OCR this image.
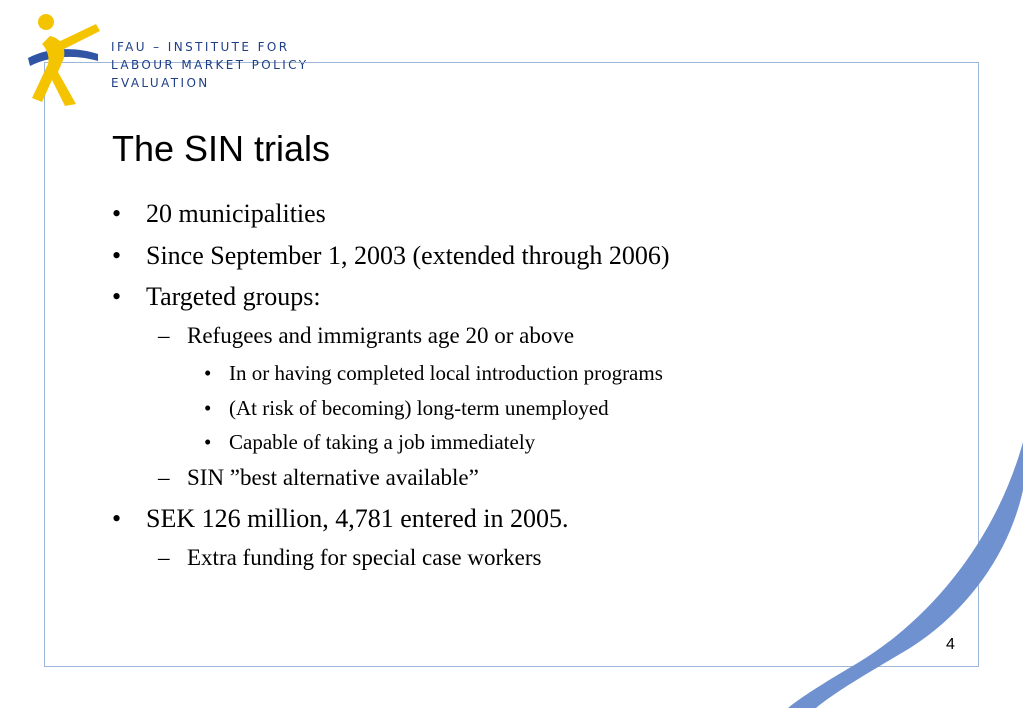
IFAU – INSTITUTE FOR
LABOUR MARKET POLICY
EVALUATION
The SIN trials
• 20 municipalities
• Since September 1, 2003 (extended through 2006)
• Targeted groups:
– Refugees and immigrants age 20 or above
• In or having completed local introduction programs
• (At risk of becoming) long-term unemployed
• Capable of taking a job immediately
– SIN ”best alternative available”
• SEK 126 million, 4,781 entered in 2005.
– Extra funding for special case workers

4
